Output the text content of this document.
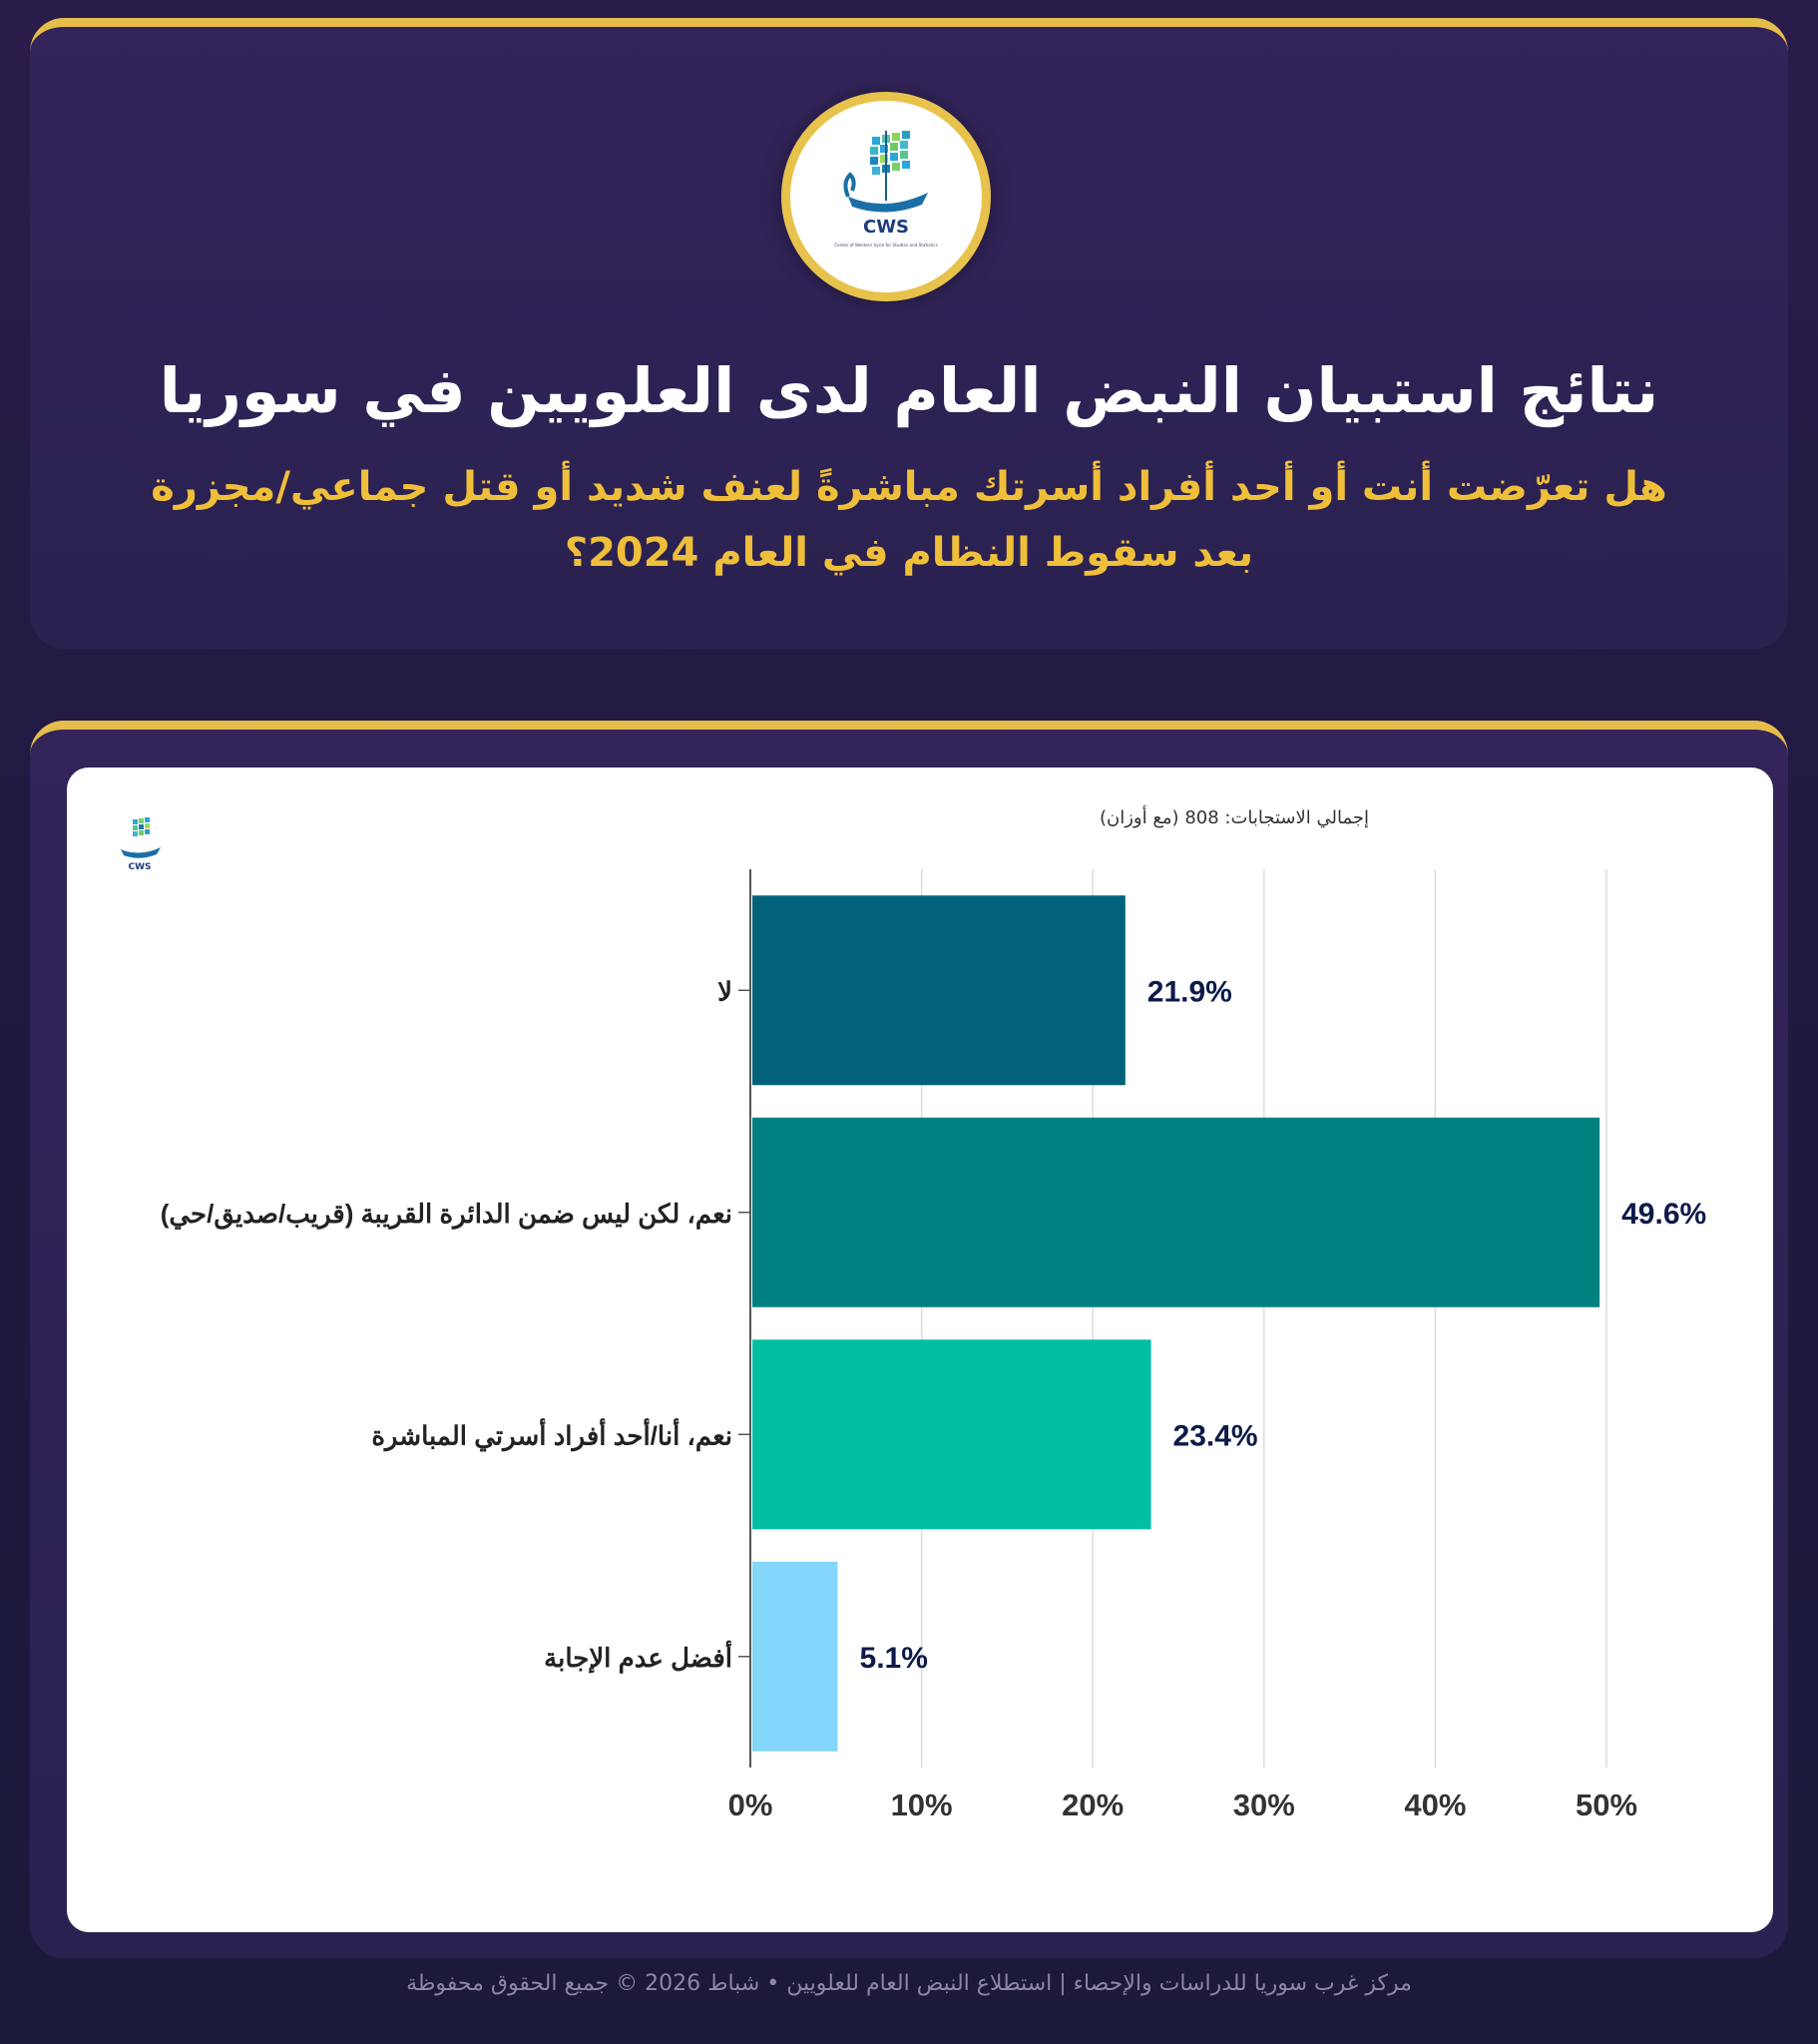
CWS
Center of Western Syria for Studies and Statistics
نتائج استبيان النبض العام لدى العلويين في سوريا
هل تعرّضت أنت أو أحد أفراد أسرتك مباشرةً لعنف شديد أو قتل جماعي/مجزرة بعد سقوط النظام في العام 2024؟
CWS
إجمالي الاستجابات: 808 (مع أوزان)
0%	10%	20%	30%	40%	50%
21.9%
لا
49.6%
نعم، لكن ليس ضمن الدائرة القريبة (قريب/صديق/حي)
23.4%
نعم، أنا/أحد أفراد أسرتي المباشرة
5.1%
أفضل عدم الإجابة
مركز غرب سوريا للدراسات والإحصاء | استطلاع النبض العام للعلويين • شباط 2026 © جميع الحقوق محفوظة
